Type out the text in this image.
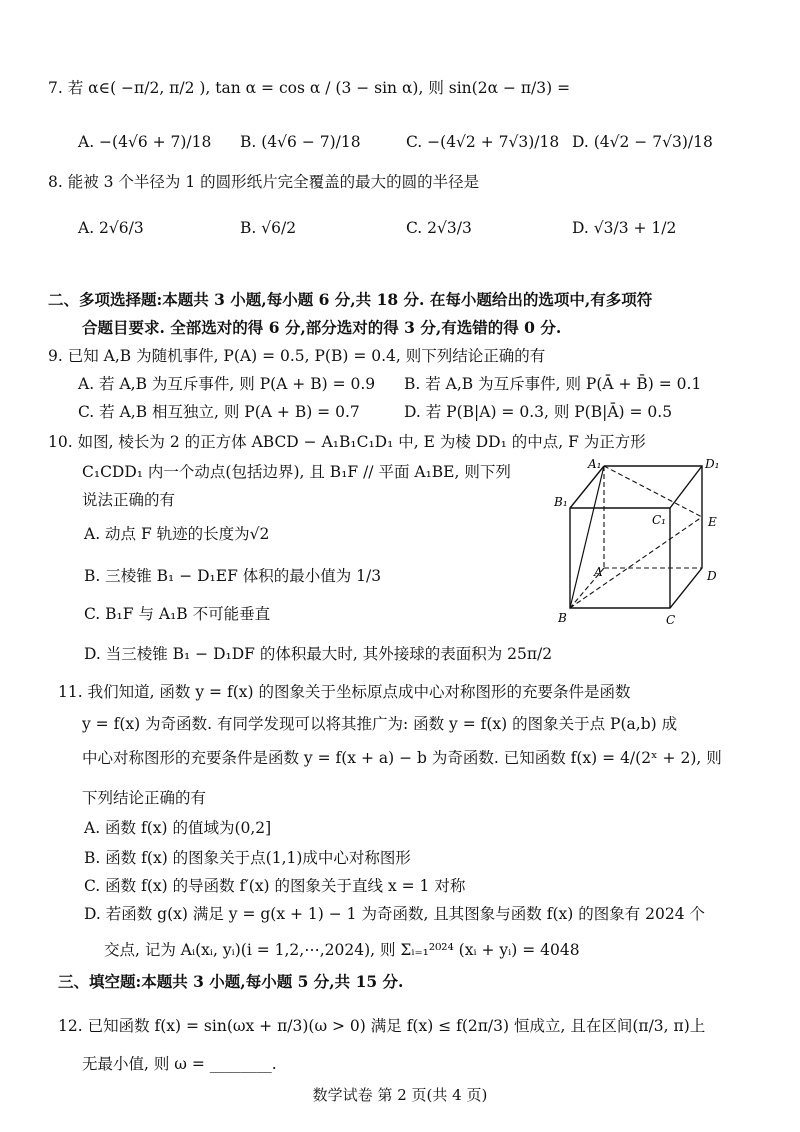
7. 若 α∈( −π/2, π/2 ), tan α = cos α / (3 − sin α), 则 sin(2α − π/3) =
A. −(4√6 + 7)/18 B. (4√6 − 7)/18	C. −(4√2 + 7√3)/18 D. (4√2 − 7√3)/18
8. 能被 3 个半径为 1 的圆形纸片完全覆盖的最大的圆的半径是
A. 2√6/3	B. √6/2	C. 2√3/3	D. √3/3 + 1/2
二、多项选择题:本题共 3 小题,每小题 6 分,共 18 分. 在每小题给出的选项中,有多项符
合题目要求. 全部选对的得 6 分,部分选对的得 3 分,有选错的得 0 分.
9. 已知 A,B 为随机事件, P(A) = 0.5, P(B) = 0.4, 则下列结论正确的有
A. 若 A,B 为互斥事件, 则 P(A + B) = 0.9 B. 若 A,B 为互斥事件, 则 P(Ā + B̄) = 0.1
C. 若 A,B 相互独立, 则 P(A + B) = 0.7	D. 若 P(B|A) = 0.3, 则 P(B|Ā) = 0.5
10. 如图, 棱长为 2 的正方体 ABCD − A₁B₁C₁D₁ 中, E 为棱 DD₁ 的中点, F 为正方形
C₁CDD₁ 内一个动点(包括边界), 且 B₁F // 平面 A₁BE, 则下列
说法正确的有
A. 动点 F 轨迹的长度为√2
B. 三棱锥 B₁ − D₁EF 体积的最小值为 1/3
C. B₁F 与 A₁B 不可能垂直
D. 当三棱锥 B₁ − D₁DF 的体积最大时, 其外接球的表面积为 25π/2
A₁	D₁
B₁
C₁	E
A	D
B	C
11. 我们知道, 函数 y = f(x) 的图象关于坐标原点成中心对称图形的充要条件是函数
y = f(x) 为奇函数. 有同学发现可以将其推广为: 函数 y = f(x) 的图象关于点 P(a,b) 成
中心对称图形的充要条件是函数 y = f(x + a) − b 为奇函数. 已知函数 f(x) = 4/(2ˣ + 2), 则
下列结论正确的有
A. 函数 f(x) 的值域为(0,2]
B. 函数 f(x) 的图象关于点(1,1)成中心对称图形
C. 函数 f(x) 的导函数 f′(x) 的图象关于直线 x = 1 对称
D. 若函数 g(x) 满足 y = g(x + 1) − 1 为奇函数, 且其图象与函数 f(x) 的图象有 2024 个
交点, 记为 Aᵢ(xᵢ, yᵢ)(i = 1,2,⋯,2024), 则 Σᵢ₌₁²⁰²⁴ (xᵢ + yᵢ) = 4048
三、填空题:本题共 3 小题,每小题 5 分,共 15 分.
12. 已知函数 f(x) = sin(ωx + π/3)(ω > 0) 满足 f(x) ≤ f(2π/3) 恒成立, 且在区间(π/3, π)上
无最小值, 则 ω = ________.
数学试卷 第 2 页(共 4 页)
